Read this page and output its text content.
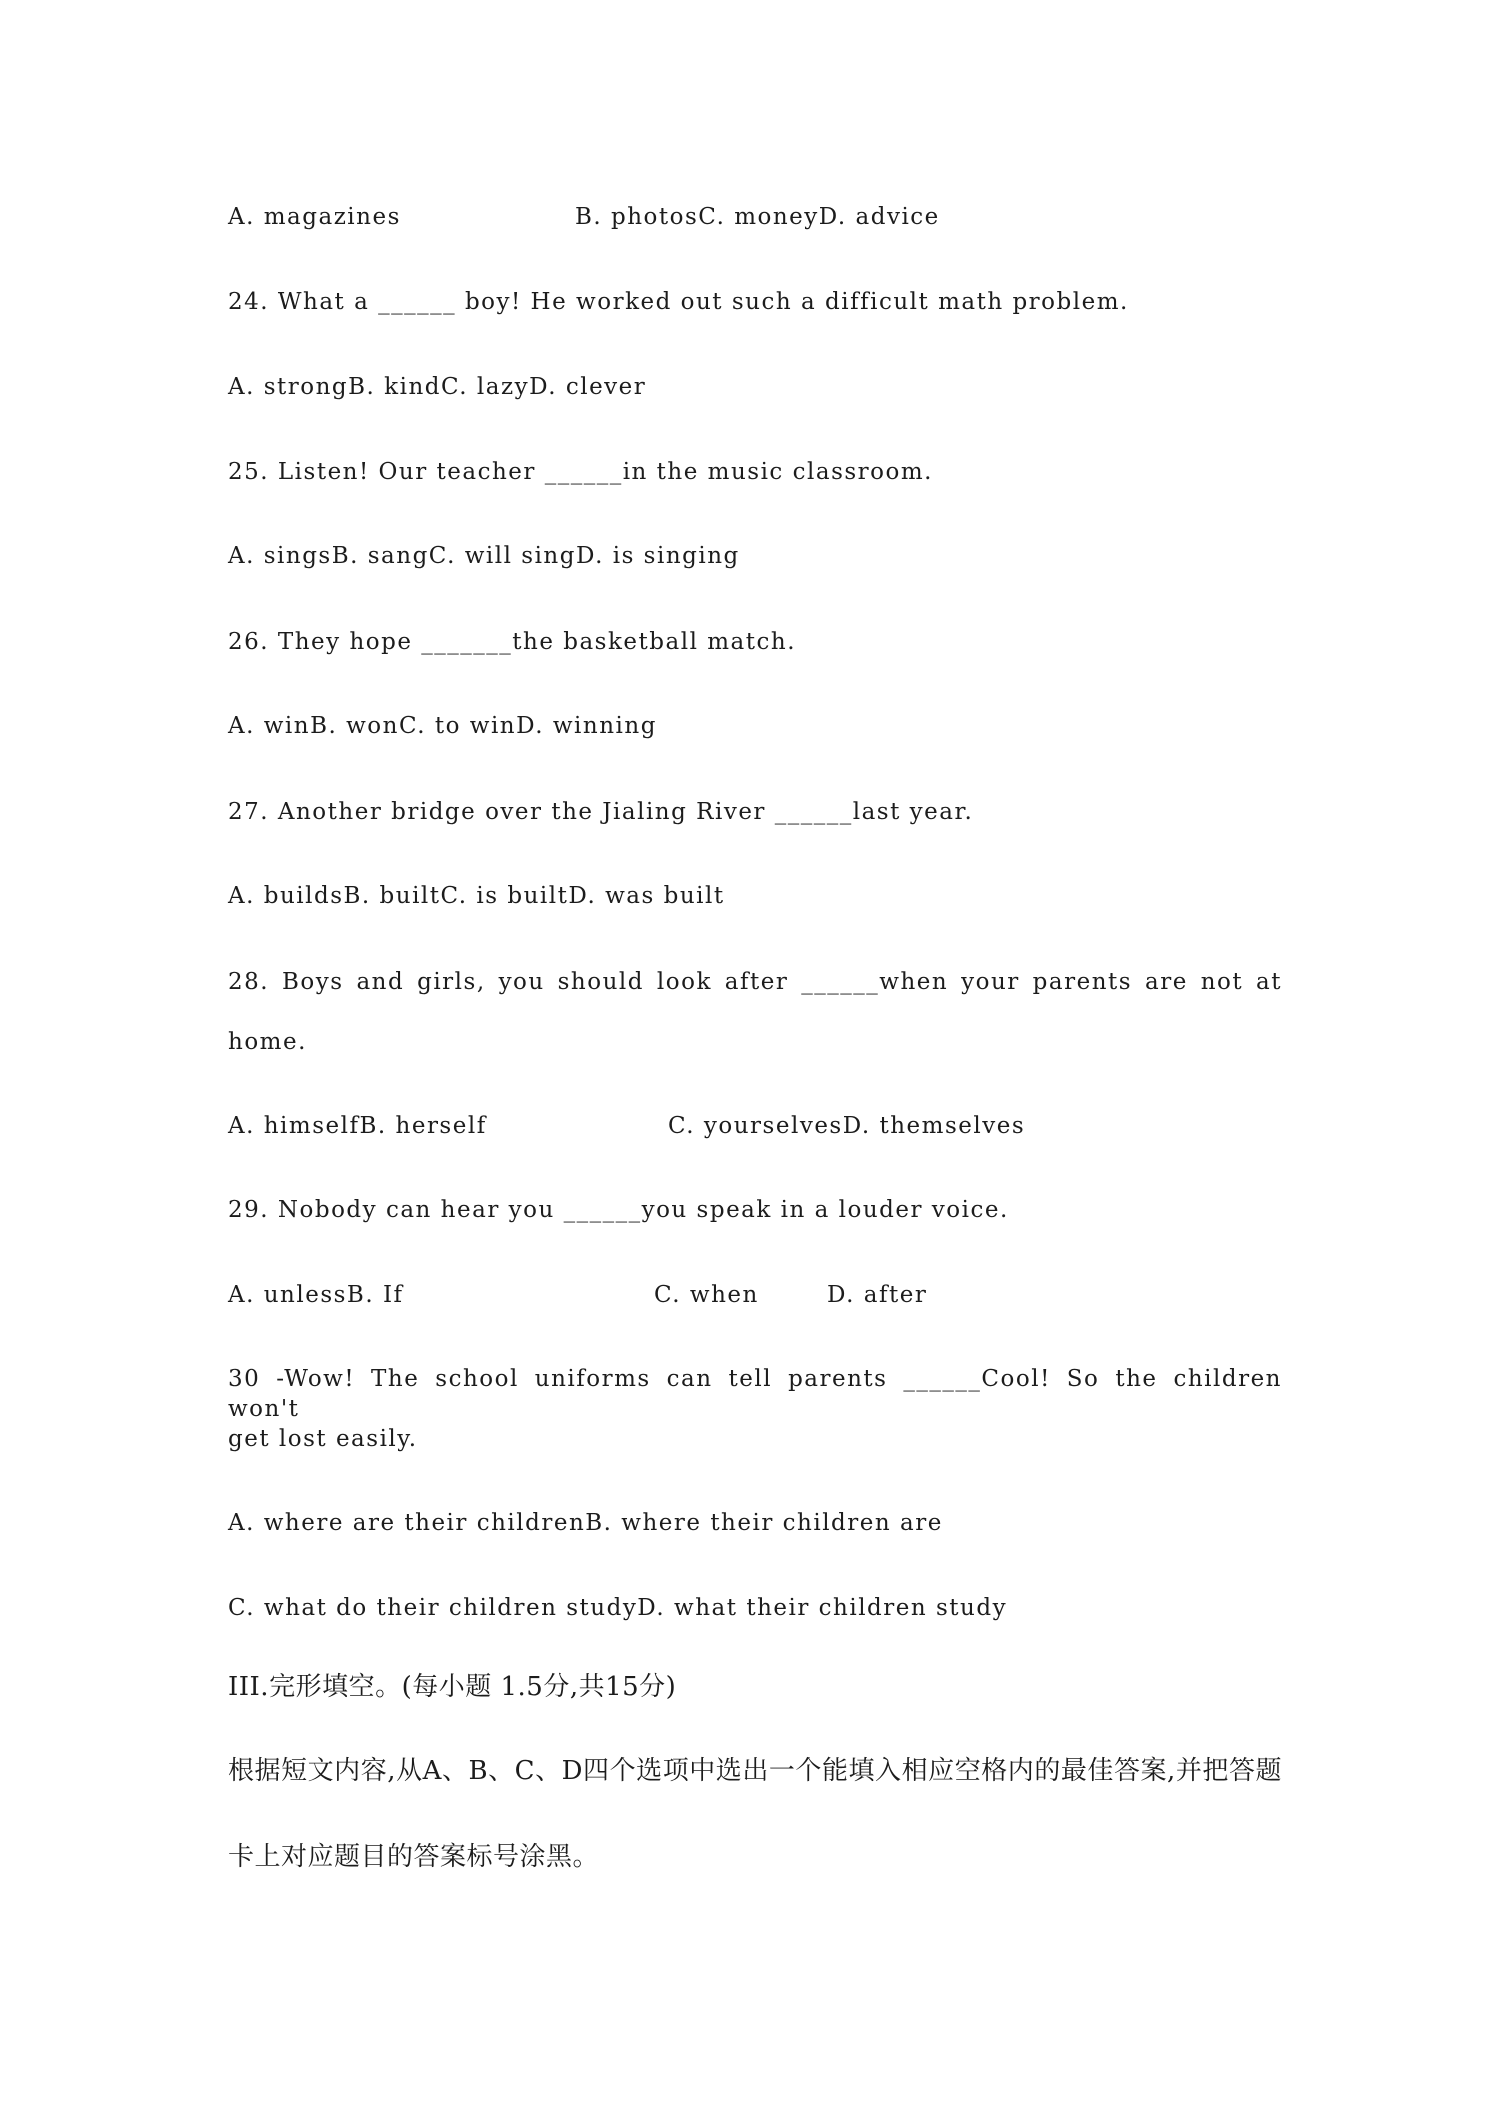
A. magazines	B. photosC. moneyD. advice
24. What a ______ boy! He worked out such a difficult math problem.
A. strongB. kindC. lazyD. clever
25. Listen! Our teacher ______in the music classroom.
A. singsB. sangC. will singD. is singing
26. They hope _______the basketball match.
A. winB. wonC. to winD. winning
27. Another bridge over the Jialing River ______last year.
A. buildsB. builtC. is builtD. was built
28. Boys and girls, you should look after ______when your parents are not at
home.
A. himselfB. herself	C. yourselvesD. themselves
29. Nobody can hear you ______you speak in a louder voice.
A. unlessB. If	C. when	D. after
30 -Wow! The school uniforms can tell parents ______Cool! So the children won't
get lost easily.
A. where are their childrenB. where their children are
C. what do their children studyD. what their children study
III.完形填空。(每小题 1.5分,共15分)
根据短文内容,从A、B、C、D四个选项中选出一个能填入相应空格内的最佳答案,并把答题
卡上对应题目的答案标号涂黑。
